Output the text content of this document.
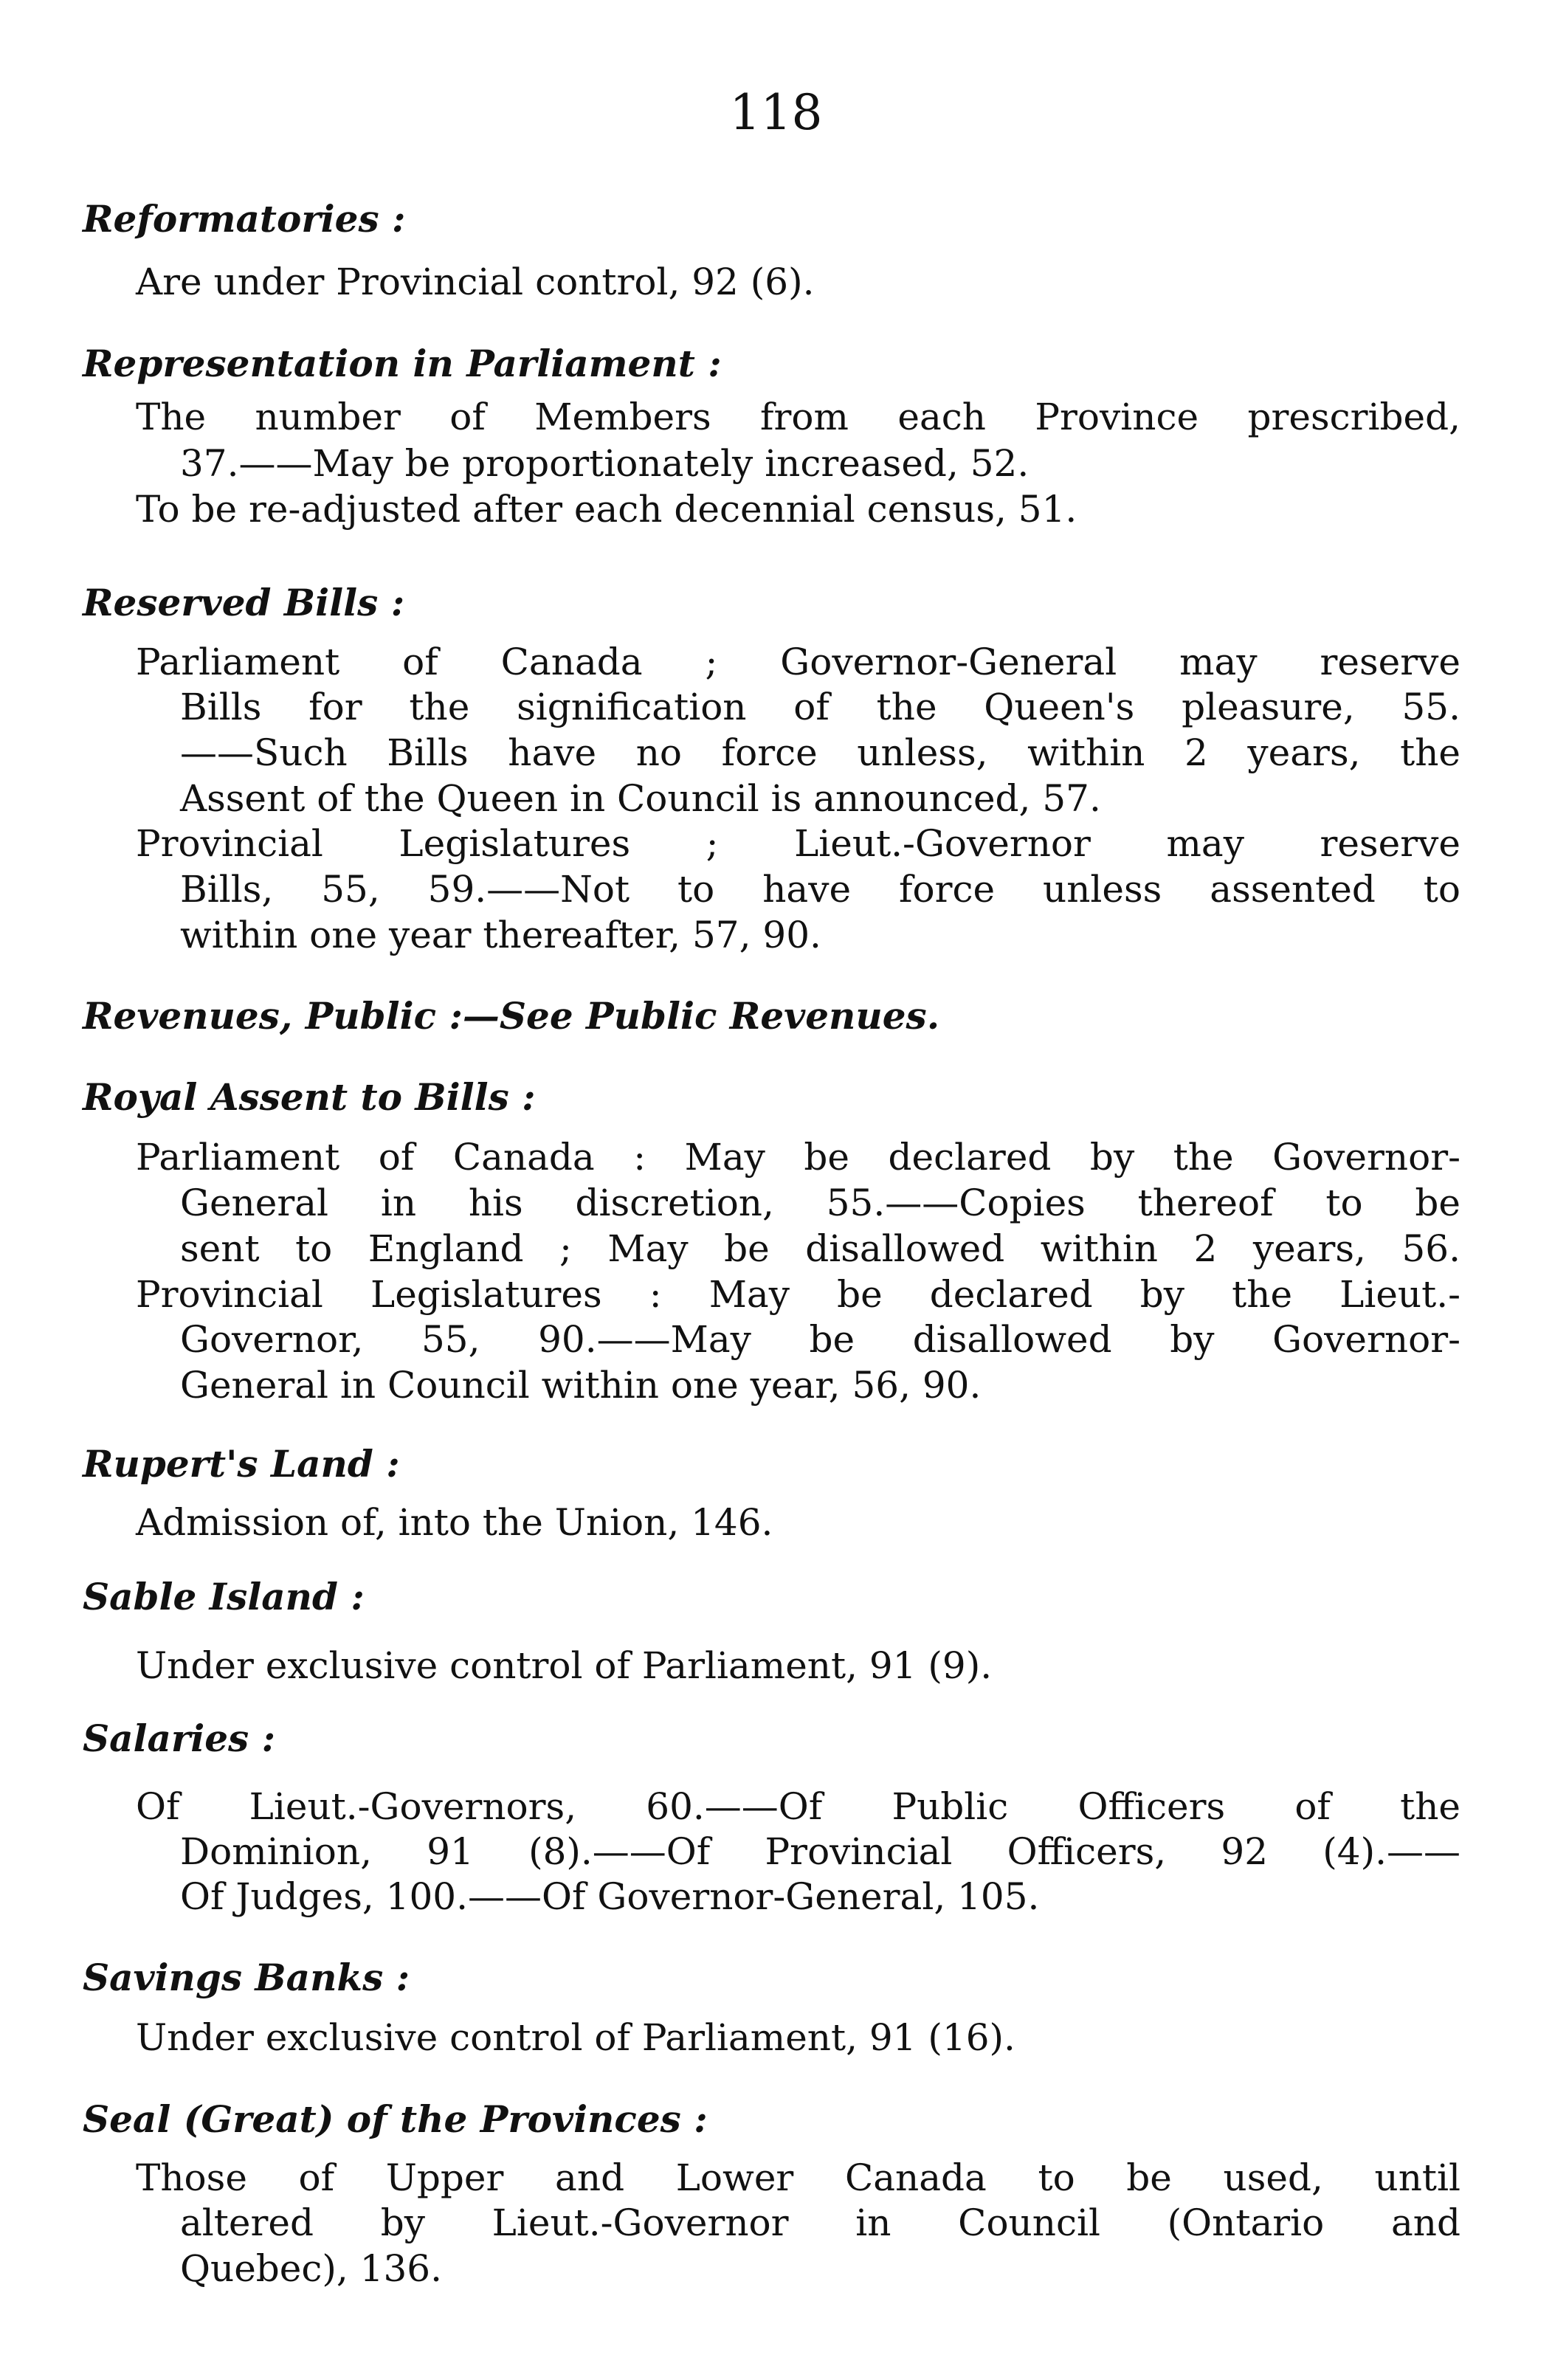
118
Reformatories :
Are under Provincial control, 92 (6).
Representation in Parliament :
The number of Members from each Province prescribed,
37.——May be proportionately increased, 52.
To be re-adjusted after each decennial census, 51.
Reserved Bills :
Parliament of Canada ; Governor-General may reserve
Bills for the signification of the Queen's pleasure, 55.
——Such Bills have no force unless, within 2 years, the
Assent of the Queen in Council is announced, 57.
Provincial Legislatures ; Lieut.-Governor may reserve
Bills, 55, 59.——Not to have force unless assented to
within one year thereafter, 57, 90.
Revenues, Public :—See Public Revenues.
Royal Assent to Bills :
Parliament of Canada : May be declared by the Governor-
General in his discretion, 55.——Copies thereof to be
sent to England ; May be disallowed within 2 years, 56.
Provincial Legislatures : May be declared by the Lieut.-
Governor, 55, 90.——May be disallowed by Governor-
General in Council within one year, 56, 90.
Rupert's Land :
Admission of, into the Union, 146.
Sable Island :
Under exclusive control of Parliament, 91 (9).
Salaries :
Of Lieut.-Governors, 60.——Of Public Officers of the
Dominion, 91 (8).——Of Provincial Officers, 92 (4).——
Of Judges, 100.——Of Governor-General, 105.
Savings Banks :
Under exclusive control of Parliament, 91 (16).
Seal (Great) of the Provinces :
Those of Upper and Lower Canada to be used, until
altered by Lieut.-Governor in Council (Ontario and
Quebec), 136.
